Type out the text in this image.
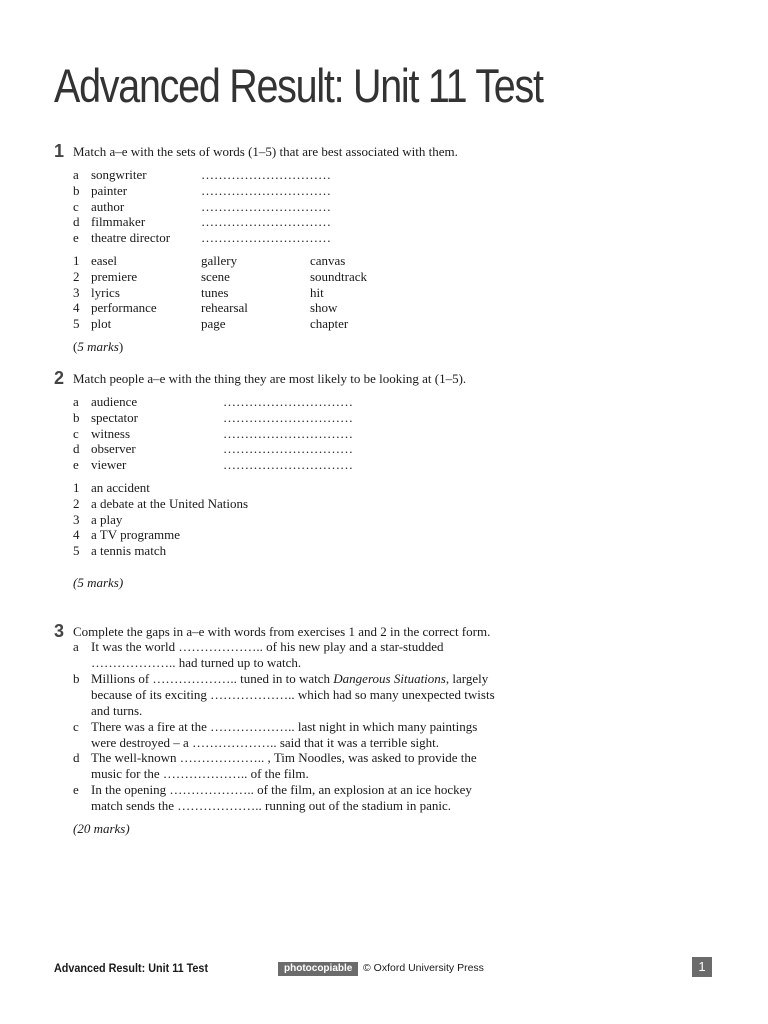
Advanced Result: Unit 11 Test
1 Match a–e with the sets of words (1–5) that are best associated with them.
a songwriter	…………………………
b painter	…………………………
c author	…………………………
d filmmaker	…………………………
e theatre director …………………………
1 easel	gallery	canvas
2 premiere	scene	soundtrack
3 lyrics	tunes	hit
4 performance	rehearsal	show
5 plot	page	chapter
(5 marks)
2 Match people a–e with the thing they are most likely to be looking at (1–5).
a audience	…………………………
b spectator	…………………………
c witness	…………………………
d observer	…………………………
e viewer	…………………………
1 an accident
2 a debate at the United Nations
3 a play
4 a TV programme
5 a tennis match
(5 marks)
3 Complete the gaps in a–e with words from exercises 1 and 2 in the correct form.
a It was the world ……………….. of his new play and a star-studded
……………….. had turned up to watch.
b Millions of ……………….. tuned in to watch Dangerous Situations, largely
because of its exciting ……………….. which had so many unexpected twists
and turns.
c There was a fire at the ……………….. last night in which many paintings
were destroyed – a ……………….. said that it was a terrible sight.
d The well-known ……………….. , Tim Noodles, was asked to provide the
music for the ……………….. of the film.
e In the opening ……………….. of the film, an explosion at an ice hockey
match sends the ……………….. running out of the stadium in panic.
(20 marks)
Advanced Result: Unit 11 Test	photocopiable	© Oxford University Press	1
